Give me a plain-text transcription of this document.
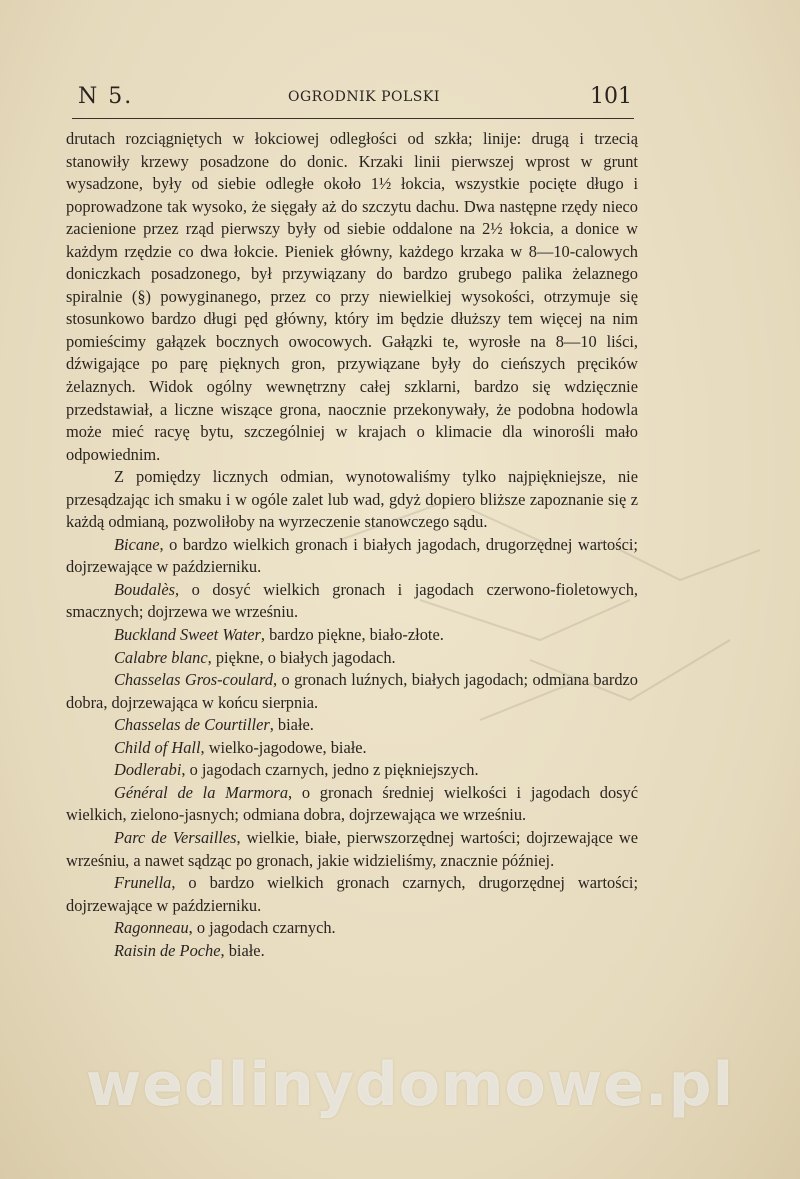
N 5.	OGRODNIK POLSKI	101

drutach rozciągniętych w łokciowej odległości od szkła; linije: drugą i trzecią stanowiły krzewy posadzone do donic. Krzaki linii pierwszej wprost w grunt wysadzone, były od siebie odległe około 1½ łokcia, wszystkie pocięte długo i poprowadzone tak wysoko, że sięgały aż do szczytu dachu. Dwa następne rzędy nieco zacienione przez rząd pierwszy były od siebie oddalone na 2½ łokcia, a donice w każdym rzędzie co dwa łokcie. Pieniek główny, każdego krzaka w 8—10-calowych doniczkach posadzonego, był przywiązany do bardzo grubego palika żelaznego spiralnie (§) powyginanego, przez co przy niewielkiej wysokości, otrzymuje się stosunkowo bardzo długi pęd główny, który im będzie dłuższy tem więcej na nim pomieścimy gałązek bocznych owocowych. Gałązki te, wyrosłe na 8—10 liści, dźwigające po parę pięknych gron, przywiązane były do cieńszych pręcików żelaznych. Widok ogólny wewnętrzny całej szklarni, bardzo się wdzięcznie przedstawiał, a liczne wiszące grona, naocznie przekonywały, że podobna hodowla może mieć racyę bytu, szczególniej w krajach o klimacie dla winorośli mało odpowiednim.

Z pomiędzy licznych odmian, wynotowaliśmy tylko najpiękniejsze, nie przesądzając ich smaku i w ogóle zalet lub wad, gdyż dopiero bliższe zapoznanie się z każdą odmianą, pozwoliłoby na wyrzeczenie stanowczego sądu.

Bicane, o bardzo wielkich gronach i białych jagodach, drugorzędnej wartości; dojrzewające w październiku.

Boudalès, o dosyć wielkich gronach i jagodach czerwono-fioletowych, smacznych; dojrzewa we wrześniu.

Buckland Sweet Water, bardzo piękne, biało-złote.

Calabre blanc, piękne, o białych jagodach.

Chasselas Gros-coulard, o gronach luźnych, białych jagodach; odmiana bardzo dobra, dojrzewająca w końcu sierpnia.

Chasselas de Courtiller, białe.

Child of Hall, wielko-jagodowe, białe.

Dodlerabi, o jagodach czarnych, jedno z piękniejszych.

Général de la Marmora, o gronach średniej wielkości i jagodach dosyć wielkich, zielono-jasnych; odmiana dobra, dojrzewająca we wrześniu.

Parc de Versailles, wielkie, białe, pierwszorzędnej wartości; dojrzewające we wrześniu, a nawet sądząc po gronach, jakie widzieliśmy, znacznie później.

Frunella, o bardzo wielkich gronach czarnych, drugorzędnej wartości; dojrzewające w październiku.

Ragonneau, o jagodach czarnych.

Raisin de Poche, białe.

wedlinydomowe.pl
